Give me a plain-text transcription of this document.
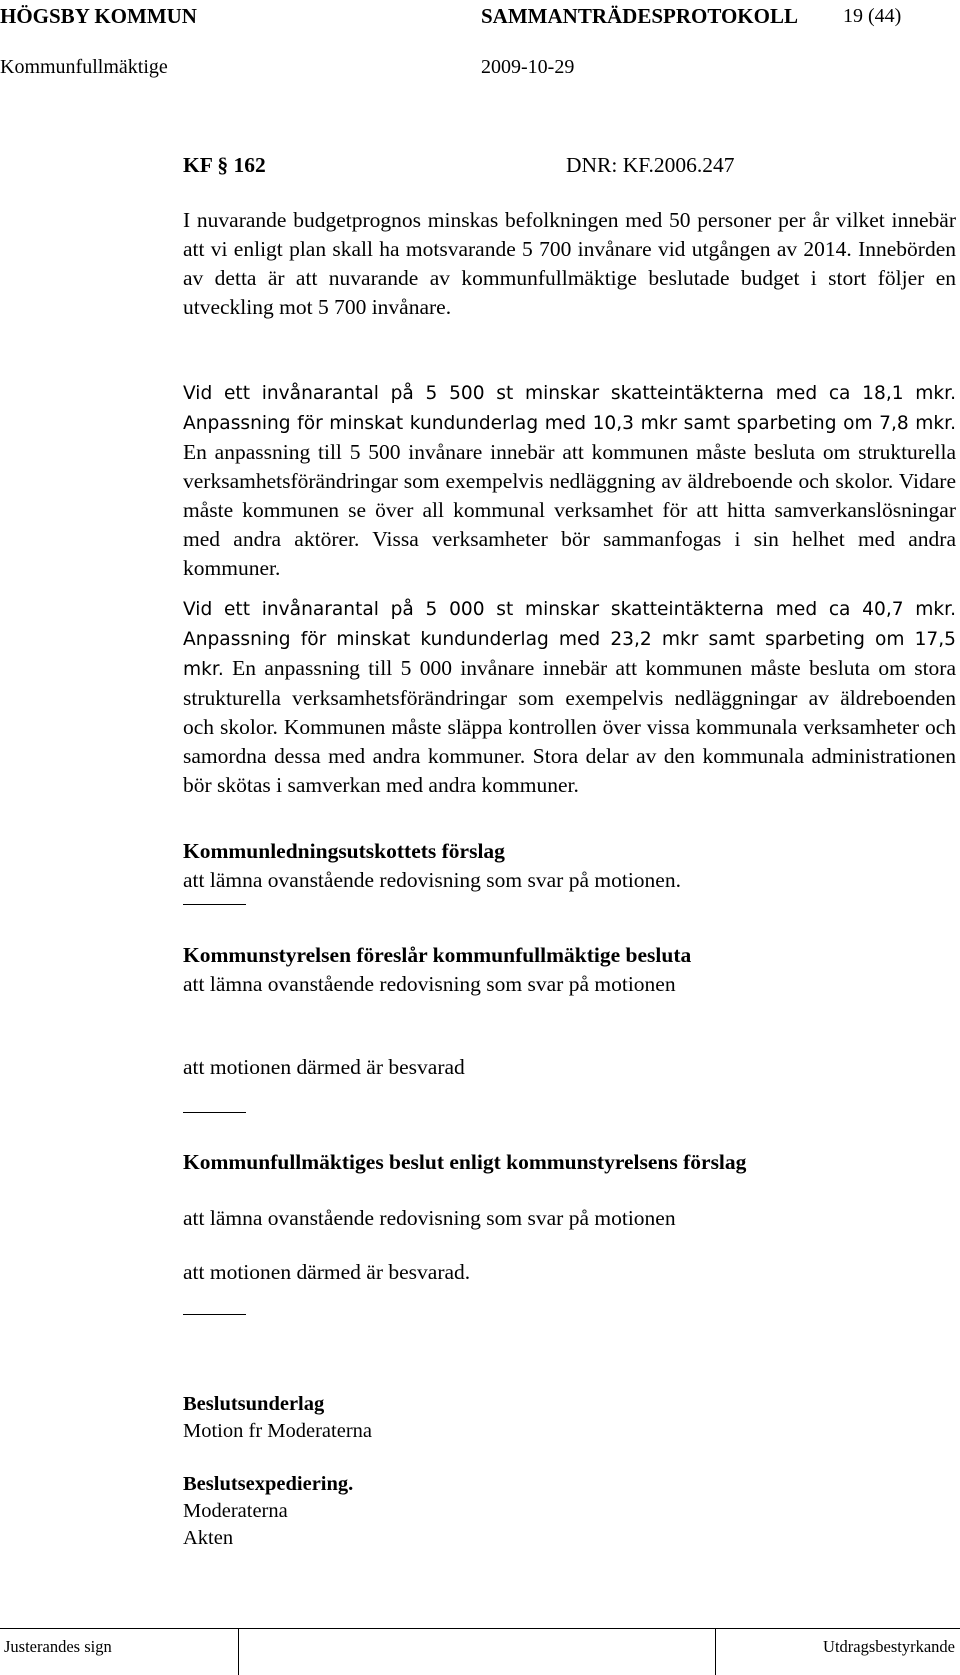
HÖGSBY KOMMUN	SAMMANTRÄDESPROTOKOLL 19 (44)
Kommunfullmäktige	2009-10-29
KF § 162	DNR: KF.2006.247

I nuvarande budgetprognos minskas befolkningen med 50 personer per år vilket innebär att vi enligt plan skall ha motsvarande 5 700 invånare vid utgången av 2014. Innebörden av detta är att nuvarande av kommunfullmäktige beslutade budget i stort följer en utveckling mot 5 700 invånare.

Vid ett invånarantal på 5 500 st minskar skatteintäkterna med ca 18,1 mkr. Anpassning för minskat kundunderlag med 10,3 mkr samt sparbeting om 7,8 mkr. En anpassning till 5 500 invånare innebär att kommunen måste besluta om strukturella verksamhetsförändringar som exempelvis nedläggning av äldreboende och skolor. Vidare måste kommunen se över all kommunal verksamhet för att hitta samverkanslösningar med andra aktörer. Vissa verksamheter bör sammanfogas i sin helhet med andra kommuner.

Vid ett invånarantal på 5 000 st minskar skatteintäkterna med ca 40,7 mkr. Anpassning för minskat kundunderlag med 23,2 mkr samt sparbeting om 17,5 mkr. En anpassning till 5 000 invånare innebär att kommunen måste besluta om stora strukturella verksamhetsförändringar som exempelvis nedläggningar av äldreboenden och skolor. Kommunen måste släppa kontrollen över vissa kommunala verksamheter och samordna dessa med andra kommuner. Stora delar av den kommunala administrationen bör skötas i samverkan med andra kommuner.

Kommunledningsutskottets förslag

att lämna ovanstående redovisning som svar på motionen.

Kommunstyrelsen föreslår kommunfullmäktige besluta

att lämna ovanstående redovisning som svar på motionen

att motionen därmed är besvarad

Kommunfullmäktiges beslut enligt kommunstyrelsens förslag

att lämna ovanstående redovisning som svar på motionen

att motionen därmed är besvarad.

Beslutsunderlag

Motion fr Moderaterna

Beslutsexpediering.

Moderaterna

Akten

Justerandes sign	Utdragsbestyrkande
